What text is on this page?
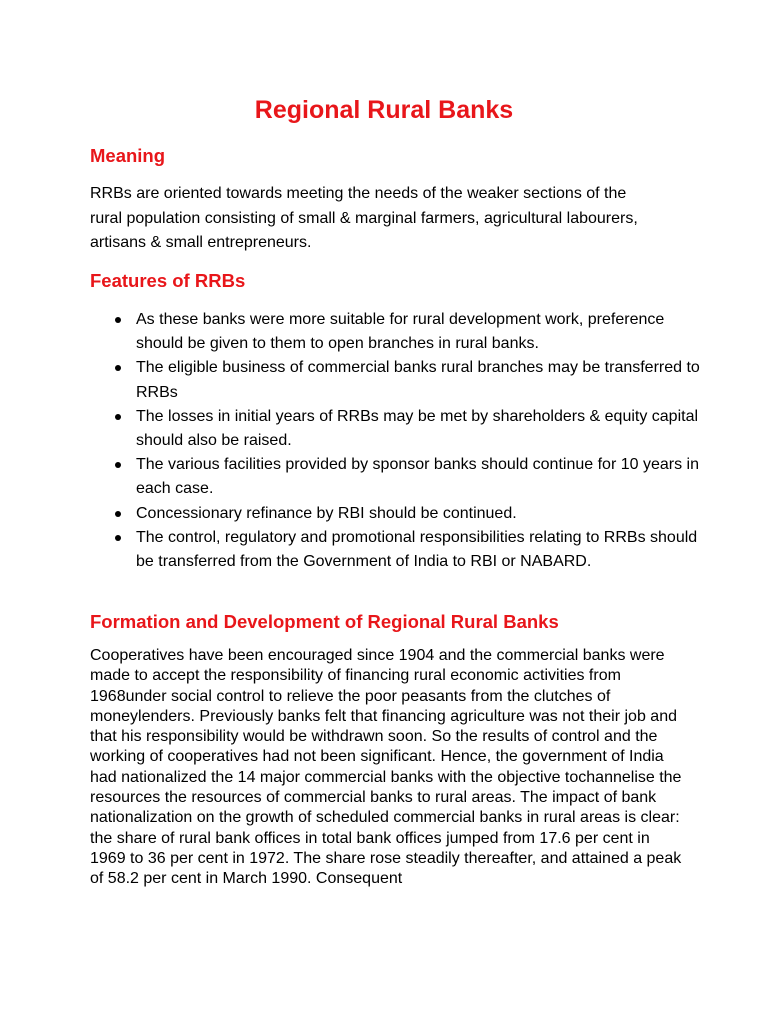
Regional Rural Banks
Meaning
RRBs are oriented towards meeting the needs of the weaker sections of the rural population consisting of small & marginal farmers, agricultural labourers, artisans & small entrepreneurs.
Features of RRBs
As these banks were more suitable for rural development work, preference should be given to them to open branches in rural banks.
The eligible business of commercial banks rural branches may be transferred to RRBs
The losses in initial years of RRBs may be met by shareholders & equity capital should also be raised.
The various facilities provided by sponsor banks should continue for 10 years in each case.
Concessionary refinance by RBI should be continued.
The control, regulatory and promotional responsibilities relating to RRBs should be transferred from the Government of India to RBI or NABARD.
Formation and Development of Regional Rural Banks
Cooperatives have been encouraged since 1904 and the commercial banks were made to accept the responsibility of financing rural economic activities from 1968under social control to relieve the poor peasants from the clutches of moneylenders. Previously banks felt that financing agriculture was not their job and that his responsibility would be withdrawn soon. So the results of control and the working of cooperatives had not been significant. Hence, the government of India had nationalized the 14 major commercial banks with the objective tochannelise the resources the resources of commercial banks to rural areas. The impact of bank nationalization on the growth of scheduled commercial banks in rural areas is clear: the share of rural bank offices in total bank offices jumped from 17.6 per cent in 1969 to 36 per cent in 1972. The share rose steadily thereafter, and attained a peak of 58.2 per cent in March 1990. Consequent
